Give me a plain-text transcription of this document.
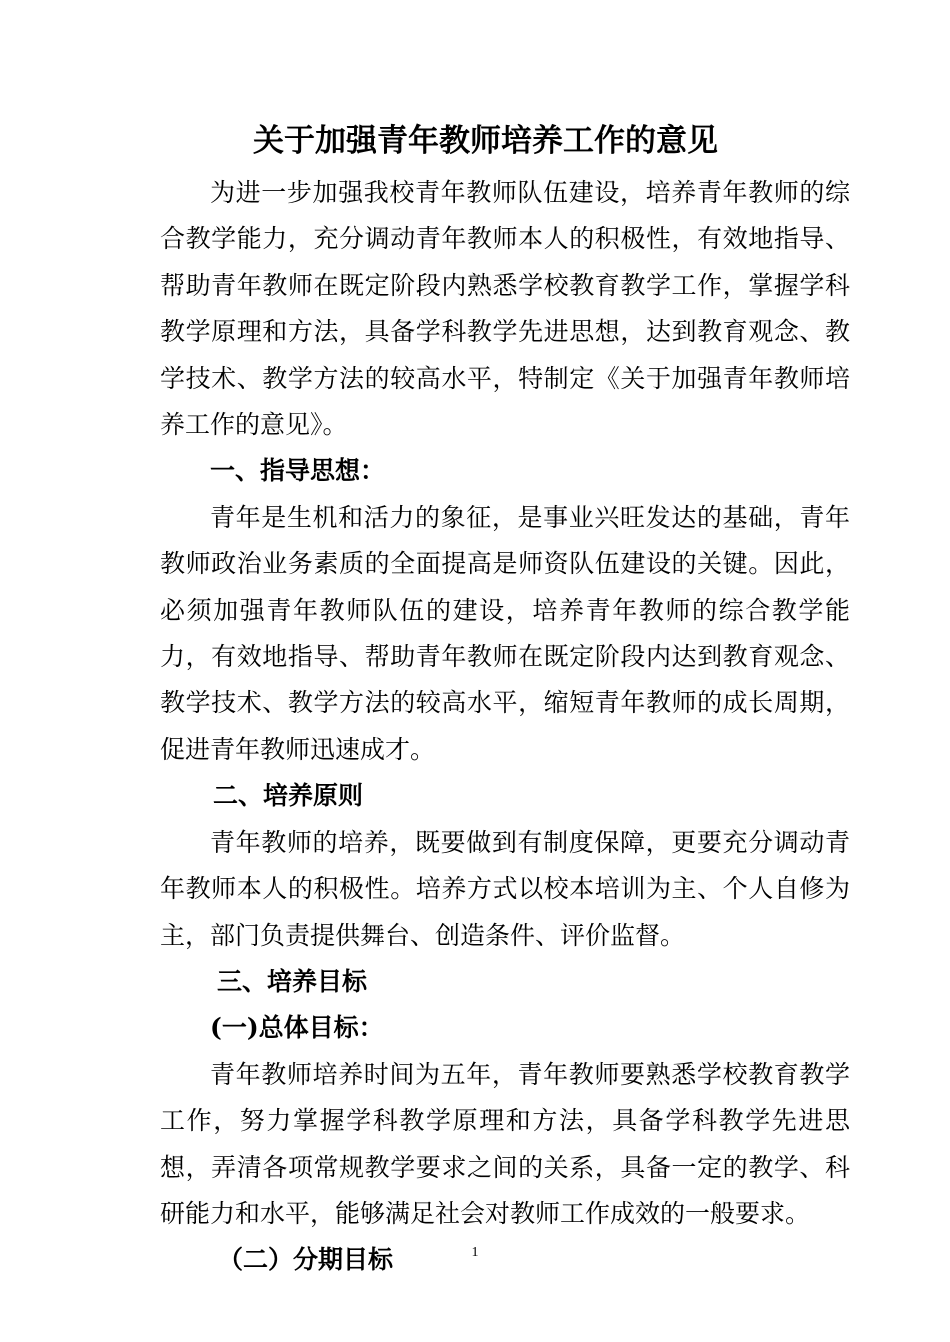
关于加强青年教师培养工作的意见

为进一步加强我校青年教师队伍建设，培养青年教师的综合教学能力，充分调动青年教师本人的积极性，有效地指导、帮助青年教师在既定阶段内熟悉学校教育教学工作，掌握学科教学原理和方法，具备学科教学先进思想，达到教育观念、教学技术、教学方法的较高水平，特制定《关于加强青年教师培养工作的意见》。

一、指导思想：

青年是生机和活力的象征，是事业兴旺发达的基础，青年教师政治业务素质的全面提高是师资队伍建设的关键。因此，必须加强青年教师队伍的建设，培养青年教师的综合教学能力，有效地指导、帮助青年教师在既定阶段内达到教育观念、教学技术、教学方法的较高水平，缩短青年教师的成长周期，促进青年教师迅速成才。

二、培养原则

青年教师的培养，既要做到有制度保障，更要充分调动青年教师本人的积极性。培养方式以校本培训为主、个人自修为主，部门负责提供舞台、创造条件、评价监督。

三、培养目标

(一)总体目标：

青年教师培养时间为五年，青年教师要熟悉学校教育教学工作，努力掌握学科教学原理和方法，具备学科教学先进思想，弄清各项常规教学要求之间的关系，具备一定的教学、科研能力和水平，能够满足社会对教师工作成效的一般要求。

（二）分期目标	1
